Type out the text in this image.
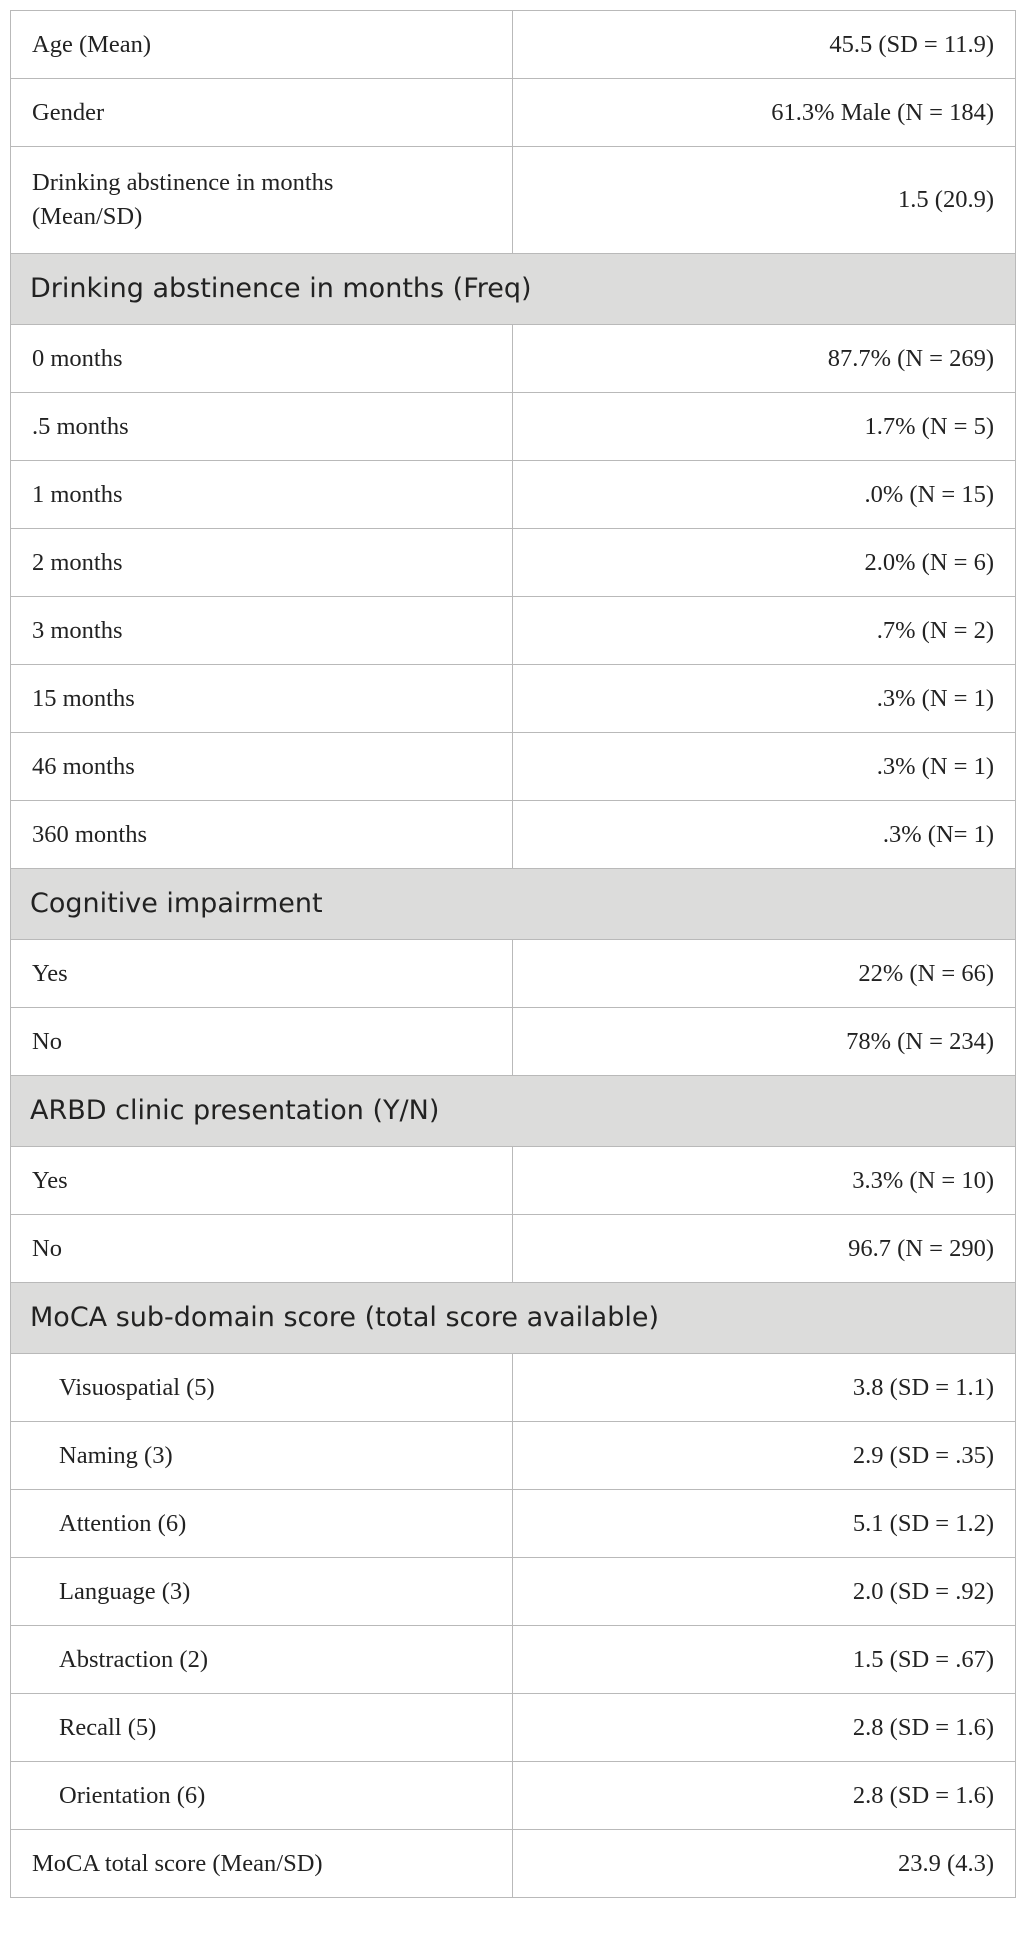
Age (Mean)	45.5 (SD = 11.9)
Gender	61.3% Male (N = 184)
Drinking abstinence in months
(Mean/SD)	1.5 (20.9)
Drinking abstinence in months (Freq)	
0 months	87.7% (N = 269)
.5 months	1.7% (N = 5)
1 months	.0% (N = 15)
2 months	2.0% (N = 6)
3 months	.7% (N = 2)
15 months	.3% (N = 1)
46 months	.3% (N = 1)
360 months	.3% (N= 1)
Cognitive impairment	
Yes	22% (N = 66)
No	78% (N = 234)
ARBD clinic presentation (Y/N)	
Yes	3.3% (N = 10)
No	96.7 (N = 290)
MoCA sub-domain score (total score available)	
Visuospatial (5)	3.8 (SD = 1.1)
Naming (3)	2.9 (SD = .35)
Attention (6)	5.1 (SD = 1.2)
Language (3)	2.0 (SD = .92)
Abstraction (2)	1.5 (SD = .67)
Recall (5)	2.8 (SD = 1.6)
Orientation (6)	2.8 (SD = 1.6)
MoCA total score (Mean/SD)	23.9 (4.3)
